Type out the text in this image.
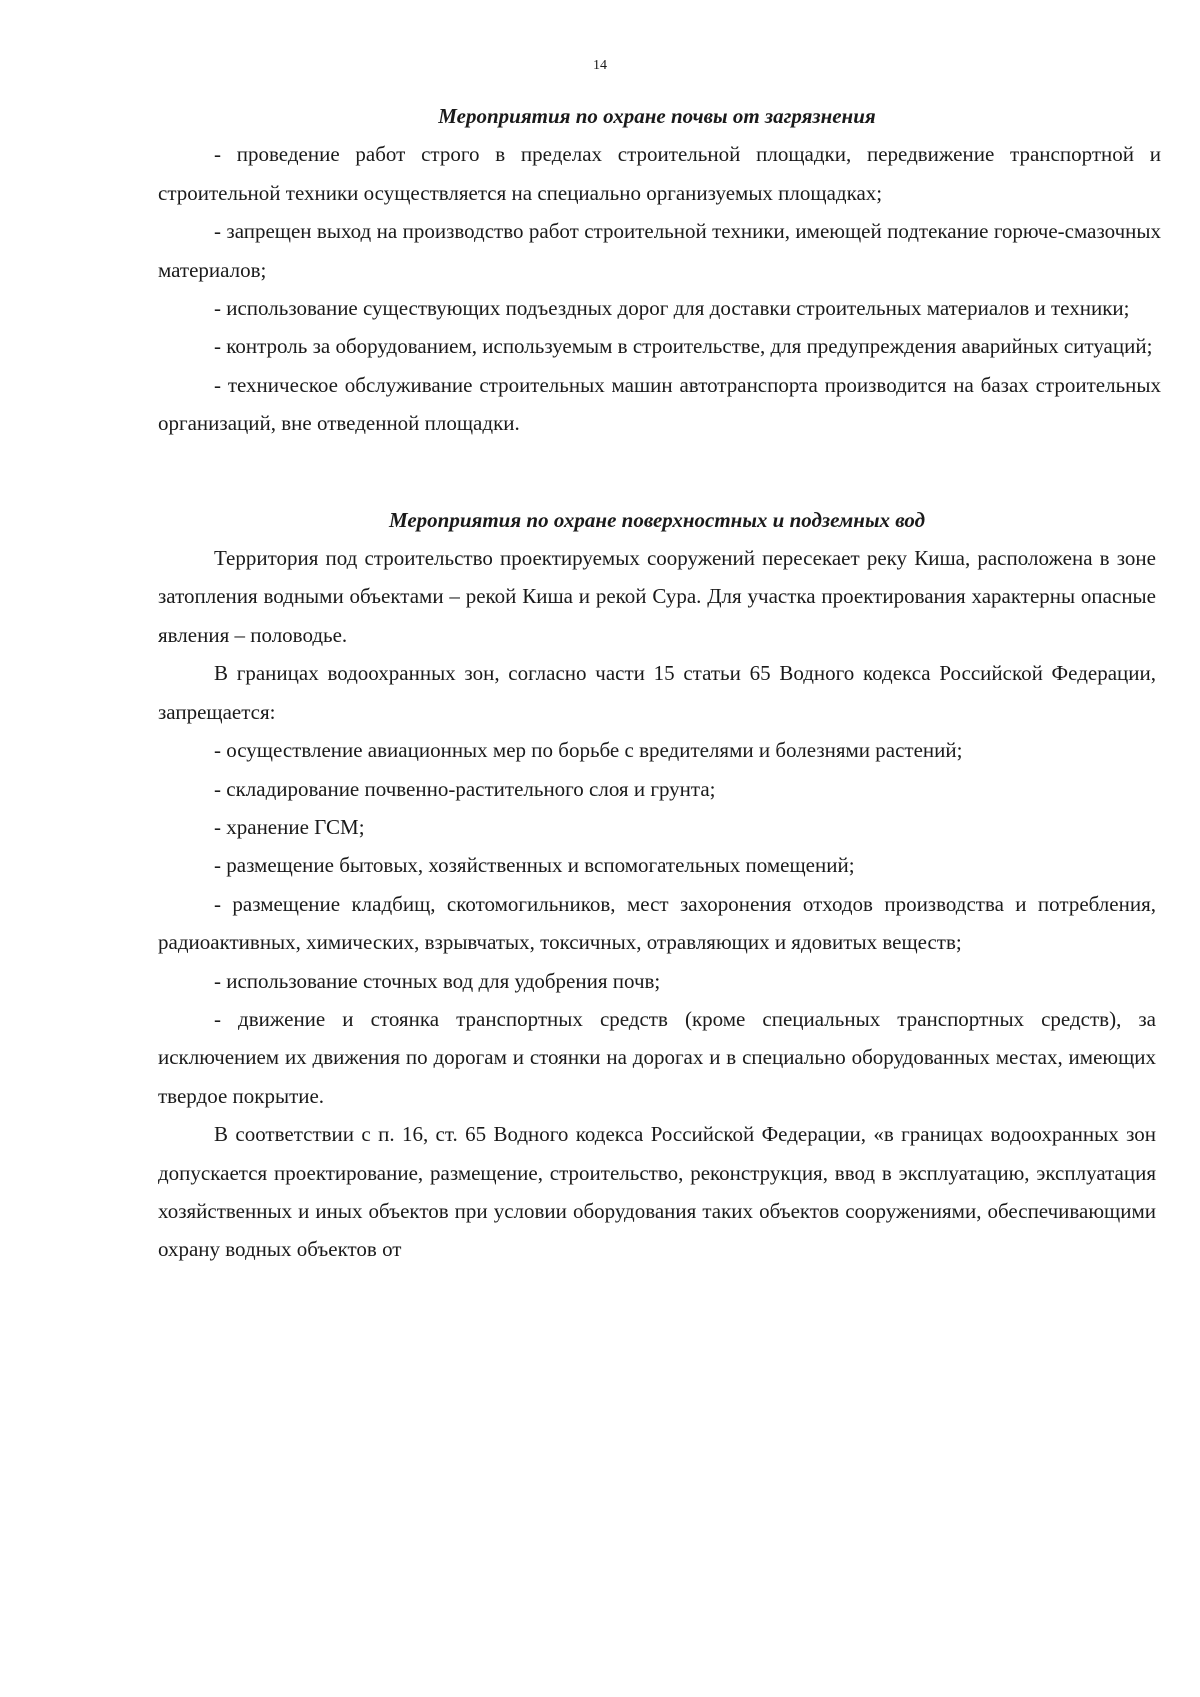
14
Мероприятия по охране почвы от загрязнения

- проведение работ строго в пределах строительной площадки, передвижение транспортной и строительной техники осуществляется на специально организуемых площадках;

- запрещен выход на производство работ строительной техники, имеющей подтекание горюче-смазочных материалов;

- использование существующих подъездных дорог для доставки строительных материалов и техники;

- контроль за оборудованием, используемым в строительстве, для предупреждения аварийных ситуаций;

- техническое обслуживание строительных машин автотранспорта производится на базах строительных организаций, вне отведенной площадки.

Мероприятия по охране поверхностных и подземных вод

Территория под строительство проектируемых сооружений пересекает реку Киша, расположена в зоне затопления водными объектами – рекой Киша и рекой Сура. Для участка проектирования характерны опасные явления – половодье.

В границах водоохранных зон, согласно части 15 статьи 65 Водного кодекса Российской Федерации, запрещается:

- осуществление авиационных мер по борьбе с вредителями и болезнями растений;

- складирование почвенно-растительного слоя и грунта;

- хранение ГСМ;

- размещение бытовых, хозяйственных и вспомогательных помещений;

- размещение кладбищ, скотомогильников, мест захоронения отходов производства и потребления, радиоактивных, химических, взрывчатых, токсичных, отравляющих и ядовитых веществ;

- использование сточных вод для удобрения почв;

- движение и стоянка транспортных средств (кроме специальных транспортных средств), за исключением их движения по дорогам и стоянки на дорогах и в специально оборудованных местах, имеющих твердое покрытие.

В соответствии с п. 16, ст. 65 Водного кодекса Российской Федерации, «в границах водоохранных зон допускается проектирование, размещение, строительство, реконструкция, ввод в эксплуатацию, эксплуатация хозяйственных и иных объектов при условии оборудования таких объектов сооружениями, обеспечивающими охрану водных объектов от
